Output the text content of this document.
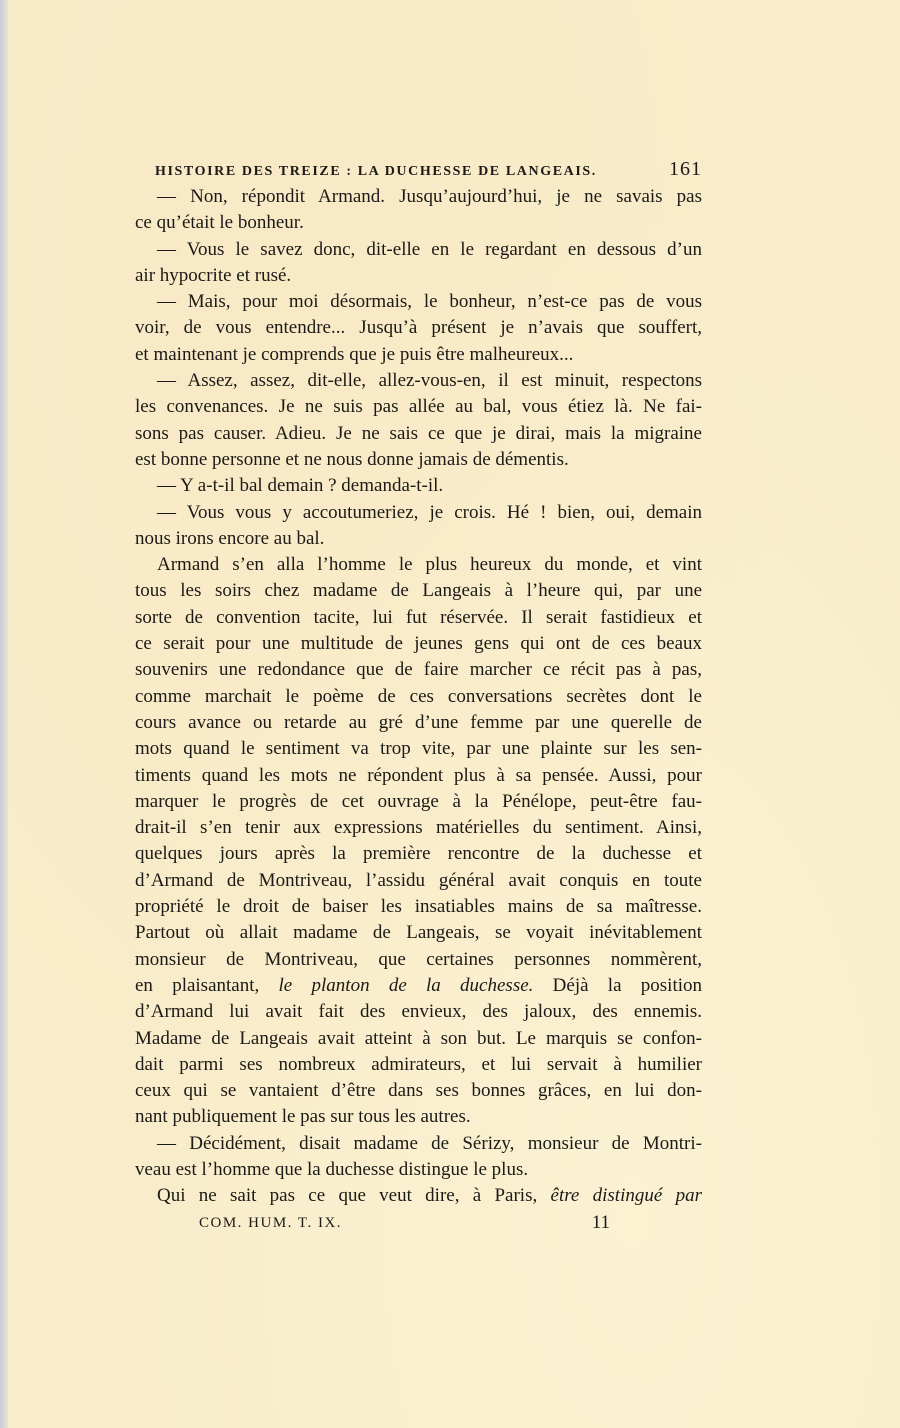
HISTOIRE DES TREIZE : LA DUCHESSE DE LANGEAIS.	161
— Non, répondit Armand. Jusqu’aujourd’hui, je ne savais pas
ce qu’était le bonheur.
— Vous le savez donc, dit-elle en le regardant en dessous d’un
air hypocrite et rusé.
— Mais, pour moi désormais, le bonheur, n’est-ce pas de vous
voir, de vous entendre... Jusqu’à présent je n’avais que souffert,
et maintenant je comprends que je puis être malheureux...
— Assez, assez, dit-elle, allez-vous-en, il est minuit, respectons
les convenances. Je ne suis pas allée au bal, vous étiez là. Ne fai-
sons pas causer. Adieu. Je ne sais ce que je dirai, mais la migraine
est bonne personne et ne nous donne jamais de démentis.
— Y a-t-il bal demain ? demanda-t-il.
— Vous vous y accoutumeriez, je crois. Hé ! bien, oui, demain
nous irons encore au bal.
Armand s’en alla l’homme le plus heureux du monde, et vint
tous les soirs chez madame de Langeais à l’heure qui, par une
sorte de convention tacite, lui fut réservée. Il serait fastidieux et
ce serait pour une multitude de jeunes gens qui ont de ces beaux
souvenirs une redondance que de faire marcher ce récit pas à pas,
comme marchait le poème de ces conversations secrètes dont le
cours avance ou retarde au gré d’une femme par une querelle de
mots quand le sentiment va trop vite, par une plainte sur les sen-
timents quand les mots ne répondent plus à sa pensée. Aussi, pour
marquer le progrès de cet ouvrage à la Pénélope, peut-être fau-
drait-il s’en tenir aux expressions matérielles du sentiment. Ainsi,
quelques jours après la première rencontre de la duchesse et
d’Armand de Montriveau, l’assidu général avait conquis en toute
propriété le droit de baiser les insatiables mains de sa maîtresse.
Partout où allait madame de Langeais, se voyait inévitablement
monsieur de Montriveau, que certaines personnes nommèrent,
en plaisantant, le planton de la duchesse. Déjà la position
d’Armand lui avait fait des envieux, des jaloux, des ennemis.
Madame de Langeais avait atteint à son but. Le marquis se confon-
dait parmi ses nombreux admirateurs, et lui servait à humilier
ceux qui se vantaient d’être dans ses bonnes grâces, en lui don-
nant publiquement le pas sur tous les autres.
— Décidément, disait madame de Sérizy, monsieur de Montri-
veau est l’homme que la duchesse distingue le plus.
Qui ne sait pas ce que veut dire, à Paris, être distingué par
COM. HUM. T. IX.	11
